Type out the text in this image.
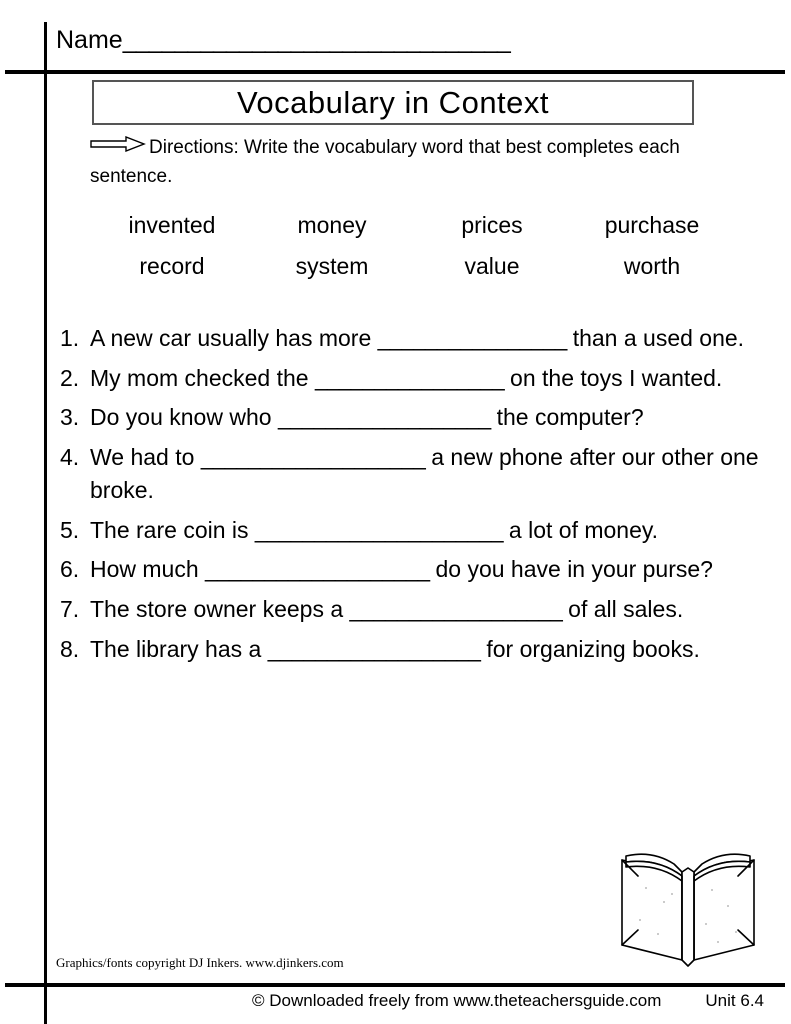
Name______________________________
Vocabulary in Context
Directions: Write the vocabulary word that best completes each sentence.
invented	money	prices	purchase
record	system	value	worth
1. A new car usually has more ________________ than a used one.
2. My mom checked the ________________ on the toys I wanted.
3. Do you know who __________________ the computer?
4. We had to ___________________ a new phone after our other one broke.
5. The rare coin is _____________________ a lot of money.
6. How much ___________________ do you have in your purse?
7. The store owner keeps a __________________ of all sales.
8. The library has a __________________ for organizing books.
Graphics/fonts copyright DJ Inkers. www.djinkers.com
© Downloaded freely from www.theteachersguide.com	Unit 6.4
